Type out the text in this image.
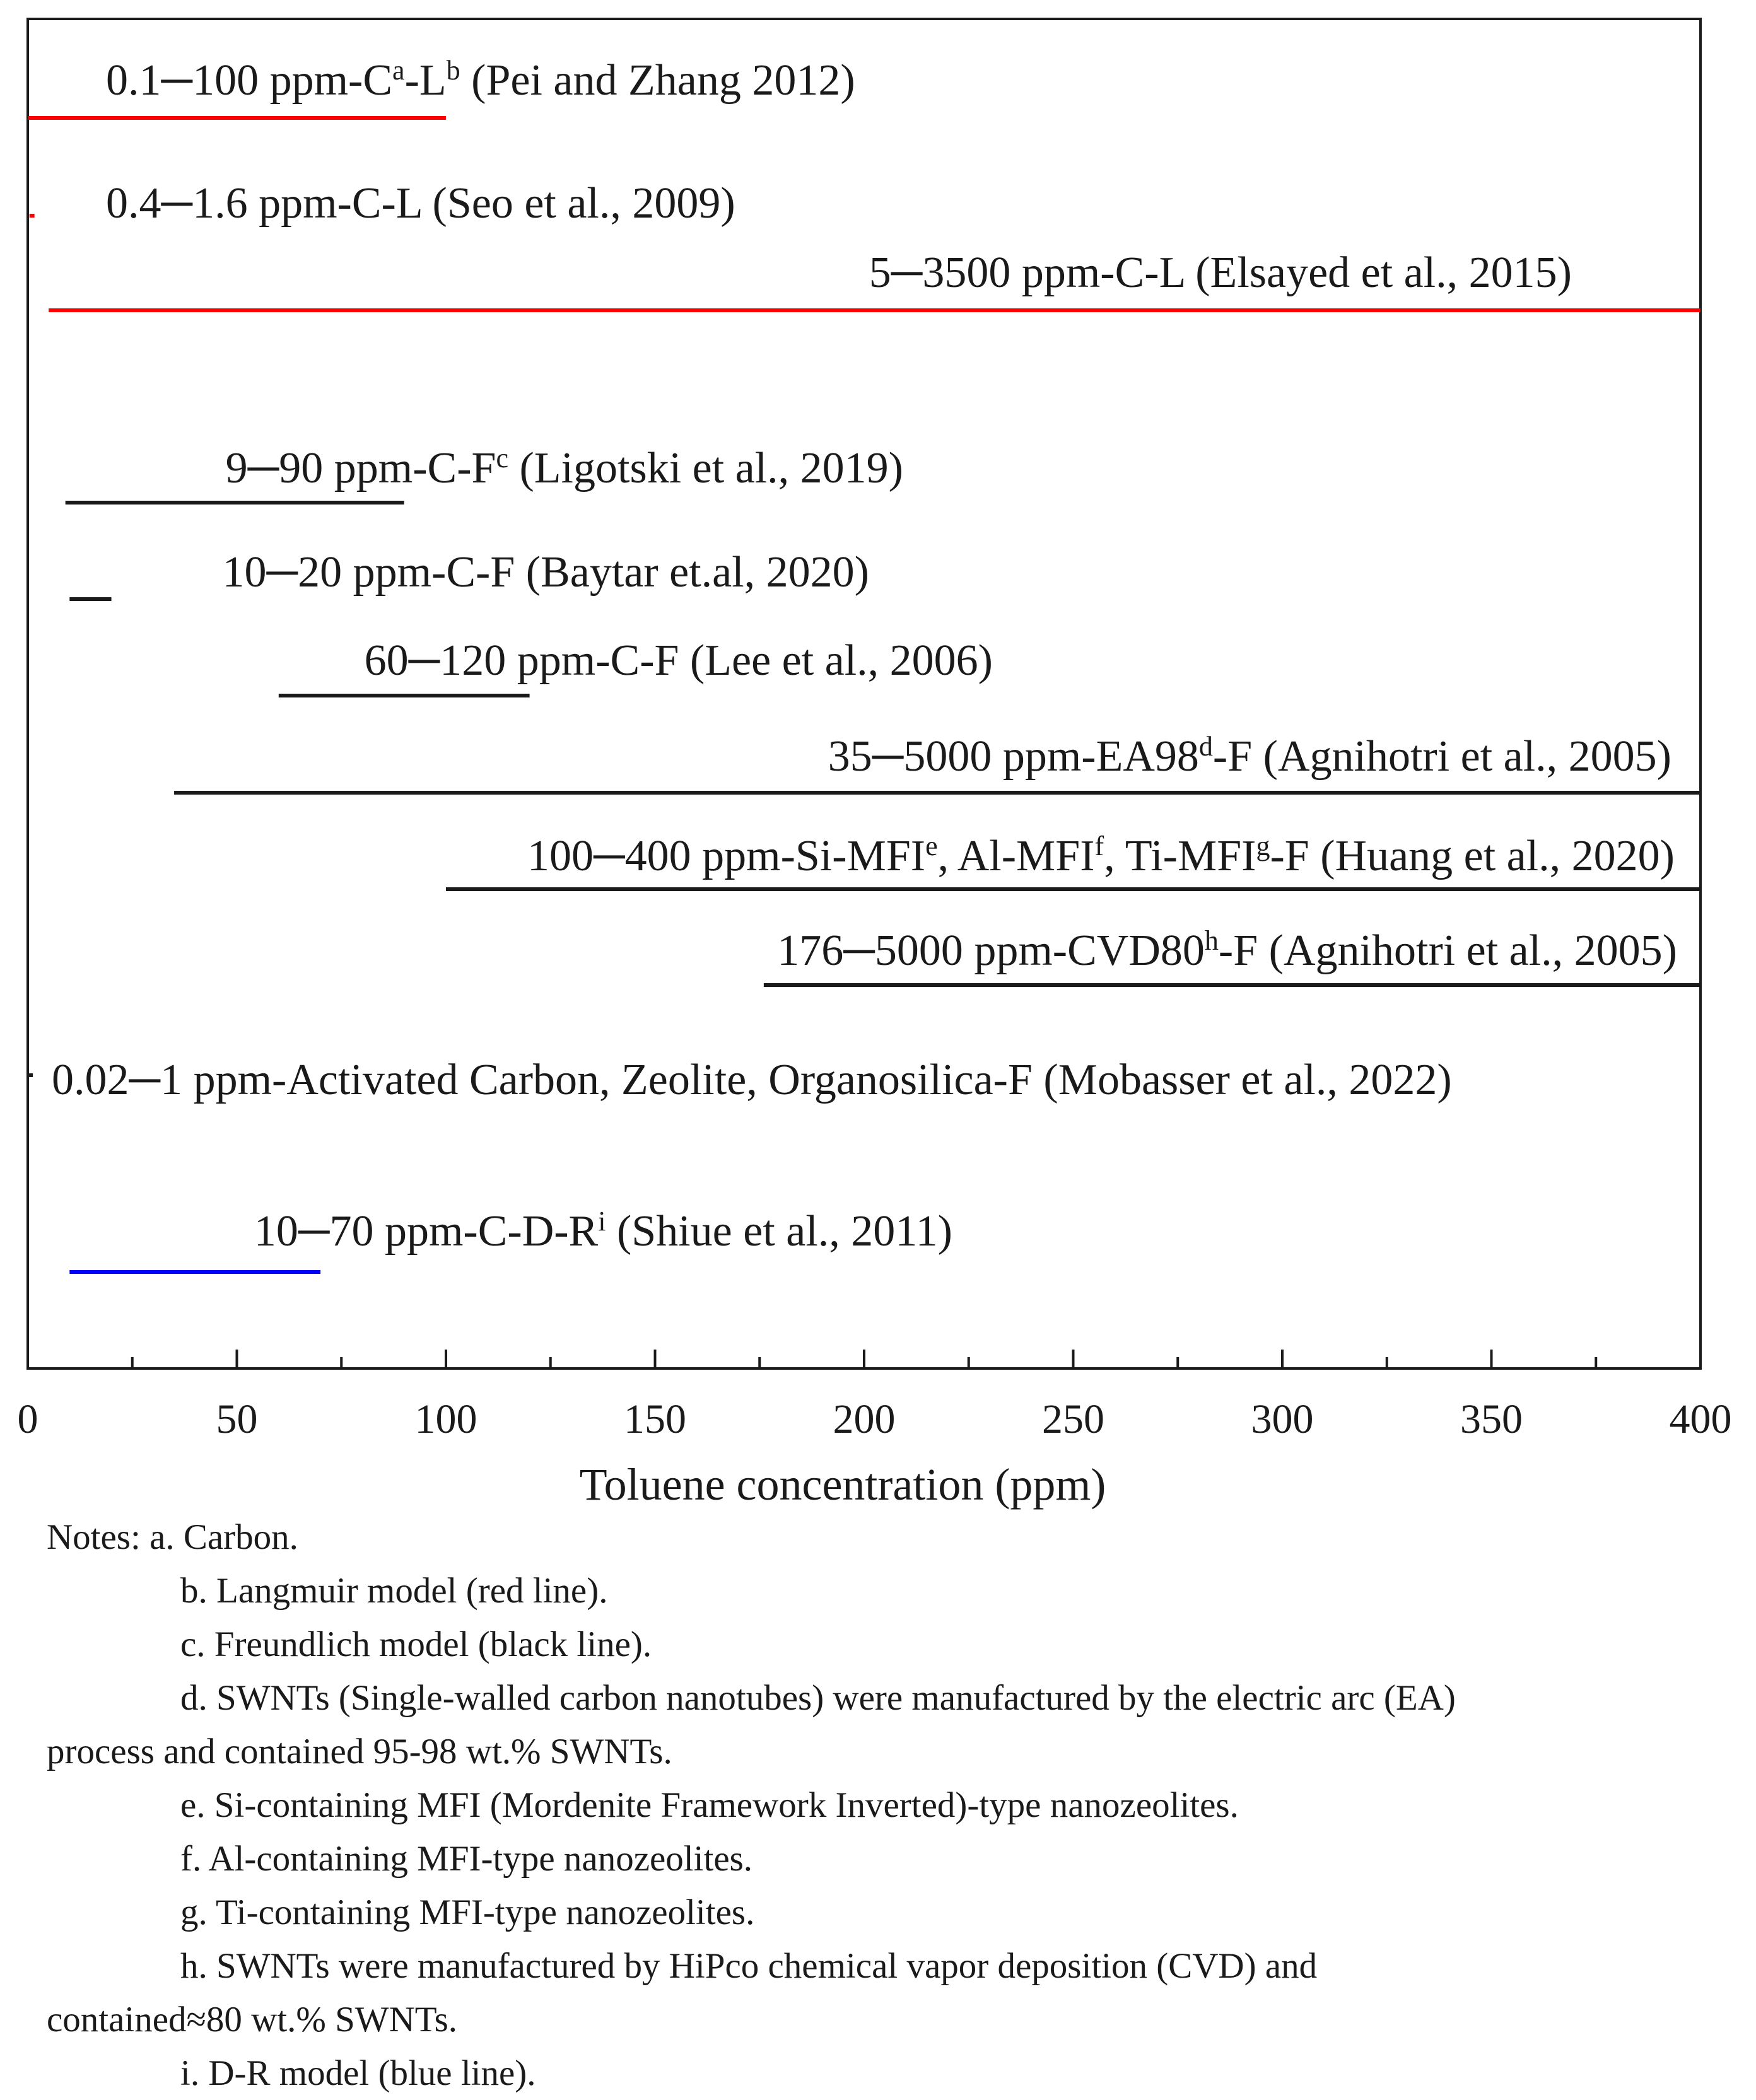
0.1─100 ppm-$C^a-L^b$ (Pei and Zhang 2012)
0.4─1.6 ppm-C-L (Seo et al., 2009)
5─3500 ppm-C-L (Elsayed et al., 2015)
9─90 ppm-$C-F^c$ (Ligotski et al., 2019)
10─20 ppm-C-F (Baytar et.al, 2020)
60─120 ppm-C-F (Lee et al., 2006)
35─5000 ppm-EA98$^d$-F (Agnihotri et al., 2005)
100─400 ppm-Si-MFI$^e$, Al-MFI$^f$, Ti-MFI$^g$-F (Huang et al., 2020)
176─5000 ppm-CVD80$^h$-F (Agnihotri et al., 2005)
0.02─1 ppm-Activated Carbon, Zeolite, Organosilica-F (Mobasser et al., 2022)
10─70 ppm-$C-D-R^i$ (Shiue et al., 2011)
0	50	100	150	200	250	300	350	400
Toluene concentration (ppm)
Notes: a. Carbon.
b. Langmuir model (red line).
c. Freundlich model (black line).
d. SWNTs (Single-walled carbon nanotubes) were manufactured by the electric arc (EA)
process and contained 95-98 wt.% SWNTs.
e. Si-containing MFI (Mordenite Framework Inverted)-type nanozeolites.
f. Al-containing MFI-type nanozeolites.
g. Ti-containing MFI-type nanozeolites.
h. SWNTs were manufactured by HiPco chemical vapor deposition (CVD) and
contained≈80 wt.% SWNTs.
i. D-R model (blue line).
